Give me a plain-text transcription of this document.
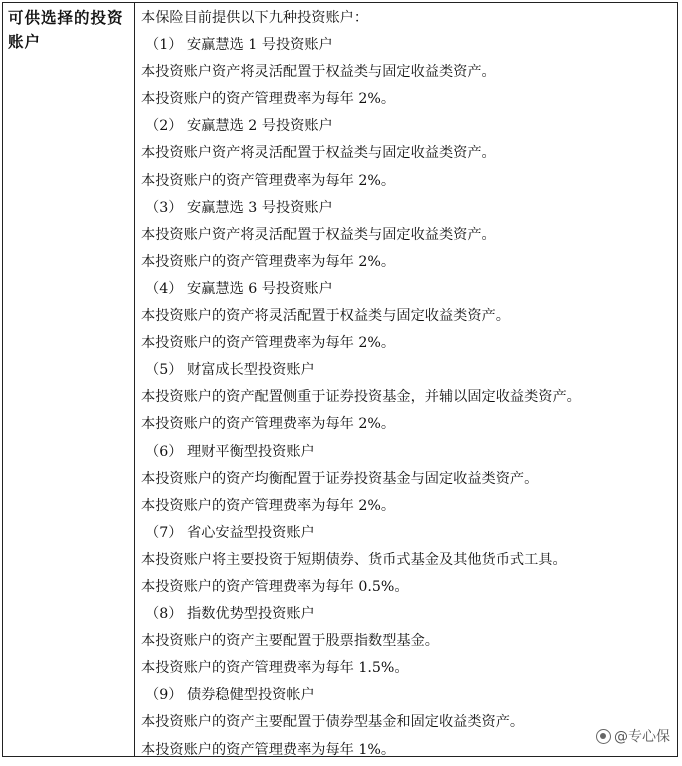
可供选择的投资账户
本保险目前提供以下九种投资账户：
（1） 安赢慧选 1 号投资账户
本投资账户资产将灵活配置于权益类与固定收益类资产。
本投资账户的资产管理费率为每年 2%。
（2） 安赢慧选 2 号投资账户
本投资账户资产将灵活配置于权益类与固定收益类资产。
本投资账户的资产管理费率为每年 2%。
（3） 安赢慧选 3 号投资账户
本投资账户资产将灵活配置于权益类与固定收益类资产。
本投资账户的资产管理费率为每年 2%。
（4） 安赢慧选 6 号投资账户
本投资账户的资产将灵活配置于权益类与固定收益类资产。
本投资账户的资产管理费率为每年 2%。
（5） 财富成长型投资账户
本投资账户的资产配置侧重于证券投资基金，并辅以固定收益类资产。
本投资账户的资产管理费率为每年 2%。
（6） 理财平衡型投资账户
本投资账户的资产均衡配置于证券投资基金与固定收益类资产。
本投资账户的资产管理费率为每年 2%。
（7） 省心安益型投资账户
本投资账户将主要投资于短期债券、货币式基金及其他货币式工具。
本投资账户的资产管理费率为每年 0.5%。
（8） 指数优势型投资账户
本投资账户的资产主要配置于股票指数型基金。
本投资账户的资产管理费率为每年 1.5%。
（9） 债券稳健型投资帐户
本投资账户的资产主要配置于债券型基金和固定收益类资产。
本投资账户的资产管理费率为每年 1%。
@专心保
